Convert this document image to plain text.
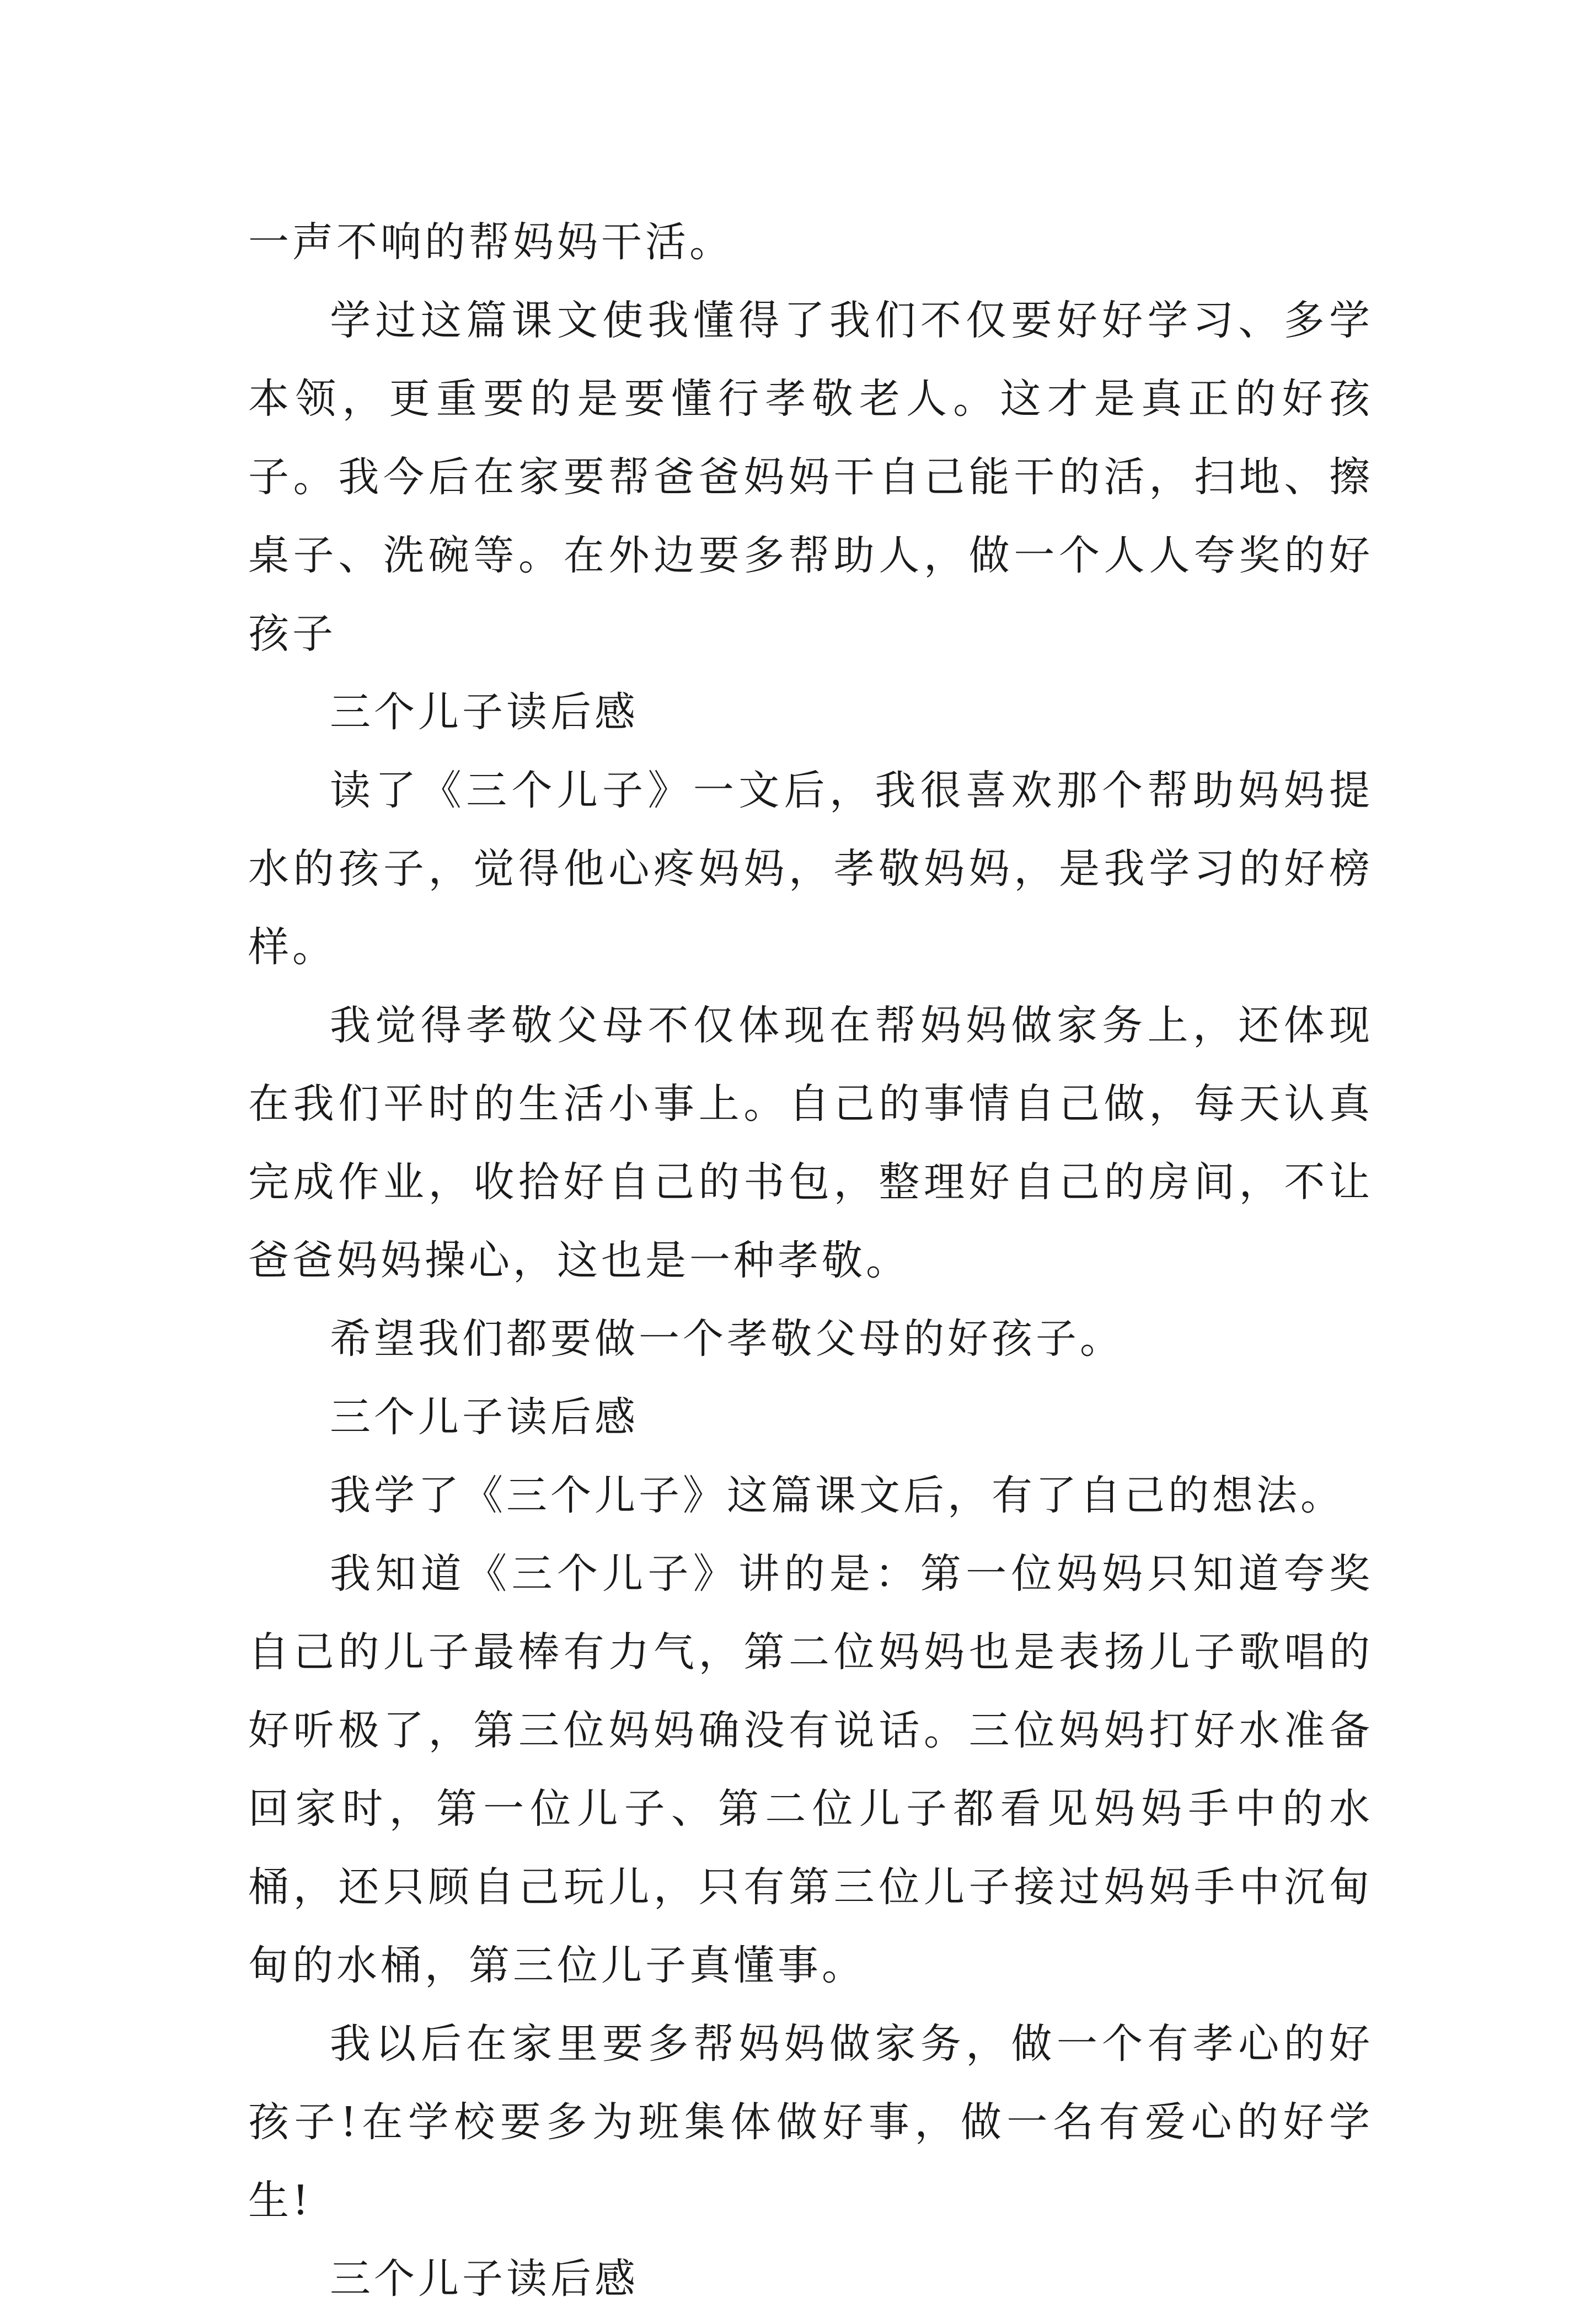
一声不响的帮妈妈干活。

学过这篇课文使我懂得了我们不仅要好好学习、多学本领，更重要的是要懂行孝敬老人。这才是真正的好孩子。我今后在家要帮爸爸妈妈干自己能干的活，扫地、擦桌子、洗碗等。在外边要多帮助人，做一个人人夸奖的好孩子

三个儿子读后感

读了《三个儿子》一文后，我很喜欢那个帮助妈妈提水的孩子，觉得他心疼妈妈，孝敬妈妈，是我学习的好榜样。

我觉得孝敬父母不仅体现在帮妈妈做家务上，还体现在我们平时的生活小事上。自己的事情自己做，每天认真完成作业，收拾好自己的书包，整理好自己的房间，不让爸爸妈妈操心，这也是一种孝敬。

希望我们都要做一个孝敬父母的好孩子。

三个儿子读后感

我学了《三个儿子》这篇课文后，有了自己的想法。

我知道《三个儿子》讲的是：第一位妈妈只知道夸奖自己的儿子最棒有力气，第二位妈妈也是表扬儿子歌唱的好听极了，第三位妈妈确没有说话。三位妈妈打好水准备回家时，第一位儿子、第二位儿子都看见妈妈手中的水桶，还只顾自己玩儿，只有第三位儿子接过妈妈手中沉甸甸的水桶，第三位儿子真懂事。

我以后在家里要多帮妈妈做家务，做一个有孝心的好孩子!在学校要多为班集体做好事，做一名有爱心的好学生!

三个儿子读后感
